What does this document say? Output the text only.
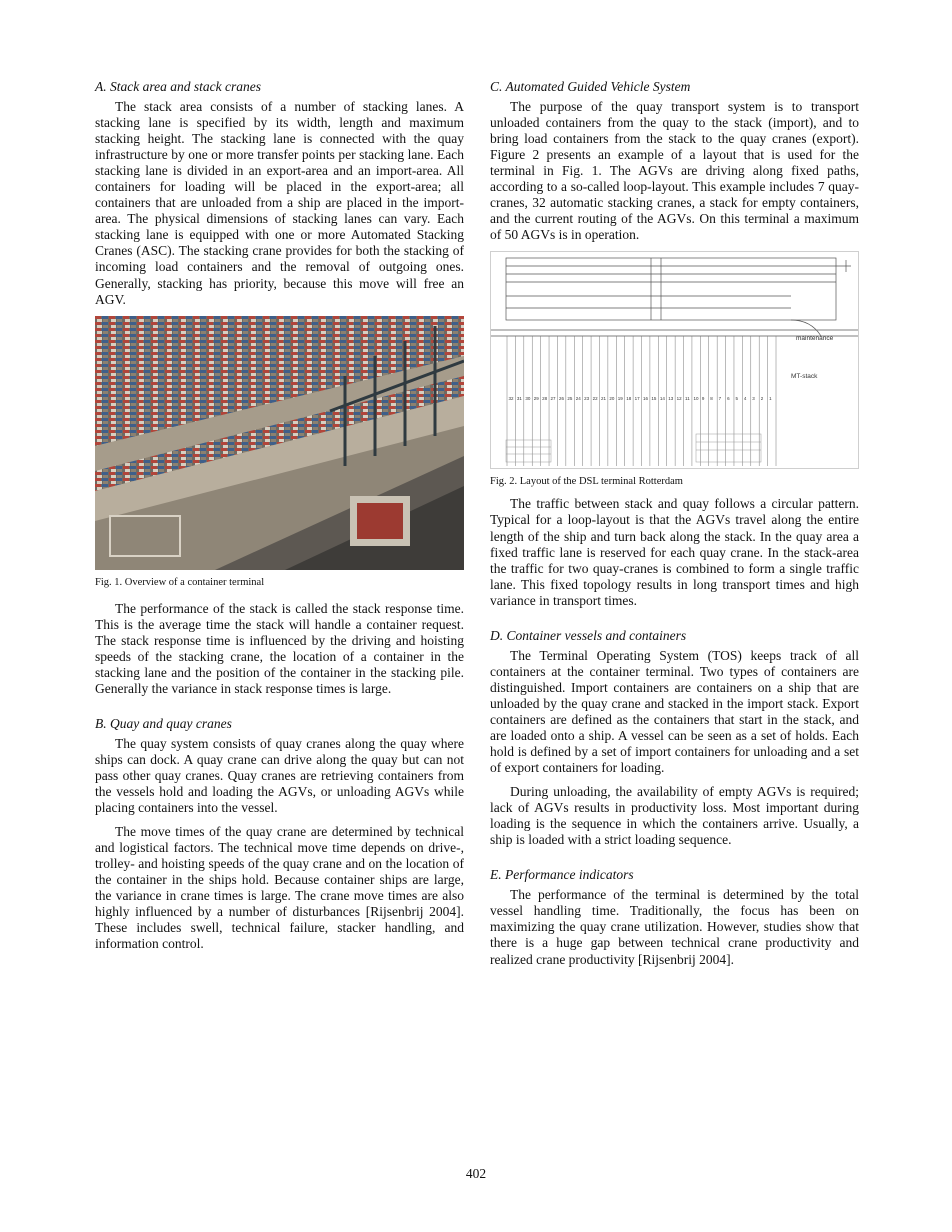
A. Stack area and stack cranes

The stack area consists of a number of stacking lanes. A stacking lane is specified by its width, length and maximum stacking height. The stacking lane is connected with the quay infrastructure by one or more transfer points per stacking lane. Each stacking lane is divided in an export-area and an import-area. All containers for loading will be placed in the export-area; all containers that are unloaded from a ship are placed in the import-area. The physical dimensions of stacking lanes can vary. Each stacking lane is equipped with one or more Automated Stacking Cranes (ASC). The stacking crane provides for both the stacking of incoming load containers and the removal of outgoing ones. Generally, stacking has priority, because this move will free an AGV.

Fig. 1. Overview of a container terminal

The performance of the stack is called the stack response time. This is the average time the stack will handle a container request. The stack response time is influenced by the driving and hoisting speeds of the stacking crane, the location of a container in the stacking lane and the position of the container in the stacking pile. Generally the variance in stack response times is large.

B. Quay and quay cranes

The quay system consists of quay cranes along the quay where ships can dock. A quay crane can drive along the quay but can not pass other quay cranes. Quay cranes are retrieving containers from the vessels hold and loading the AGVs, or unloading AGVs while placing containers into the vessel.

The move times of the quay crane are determined by technical and logistical factors. The technical move time depends on drive-, trolley- and hoisting speeds of the quay crane and on the location of the container in the ships hold. Because container ships are large, the variance in crane times is large. The crane move times are also highly influenced by a number of disturbances [Rijsenbrij 2004]. These includes swell, technical failure, stacker handling, and information control.

C. Automated Guided Vehicle System

The purpose of the quay transport system is to transport unloaded containers from the quay to the stack (import), and to bring load containers from the stack to the quay cranes (export). Figure 2 presents an example of a layout that is used for the terminal in Fig. 1. The AGVs are driving along fixed paths, according to a so-called loop-layout. This example includes 7 quay-cranes, 32 automatic stacking cranes, a stack for empty containers, and the current routing of the AGVs. On this terminal a maximum of 50 AGVs is in operation.

maintenance
MT-stack
32 31 30 29 28 27 26 25 24 23 22 21 20 19 18 17 16 15 14 13 12 11 10 9 8 7 6 5 4 3 2 1

Fig. 2. Layout of the DSL terminal Rotterdam

The traffic between stack and quay follows a circular pattern. Typical for a loop-layout is that the AGVs travel along the entire length of the ship and turn back along the stack. In the quay area a fixed traffic lane is reserved for each quay crane. In the stack-area the traffic for two quay-cranes is combined to form a single traffic lane. This fixed topology results in long transport times and high variance in transport times.

D. Container vessels and containers

The Terminal Operating System (TOS) keeps track of all containers at the container terminal. Two types of containers are distinguished. Import containers are containers on a ship that are unloaded by the quay crane and stacked in the import stack. Export containers are defined as the containers that start in the stack, and are loaded onto a ship. A vessel can be seen as a set of holds. Each hold is defined by a set of import containers for unloading and a set of export containers for loading.

During unloading, the availability of empty AGVs is required; lack of AGVs results in productivity loss. Most important during loading is the sequence in which the containers arrive. Usually, a ship is loaded with a strict loading sequence.

E. Performance indicators

The performance of the terminal is determined by the total vessel handling time. Traditionally, the focus has been on maximizing the quay crane utilization. However, studies show that there is a huge gap between technical crane productivity and realized crane productivity [Rijsenbrij 2004].

402
